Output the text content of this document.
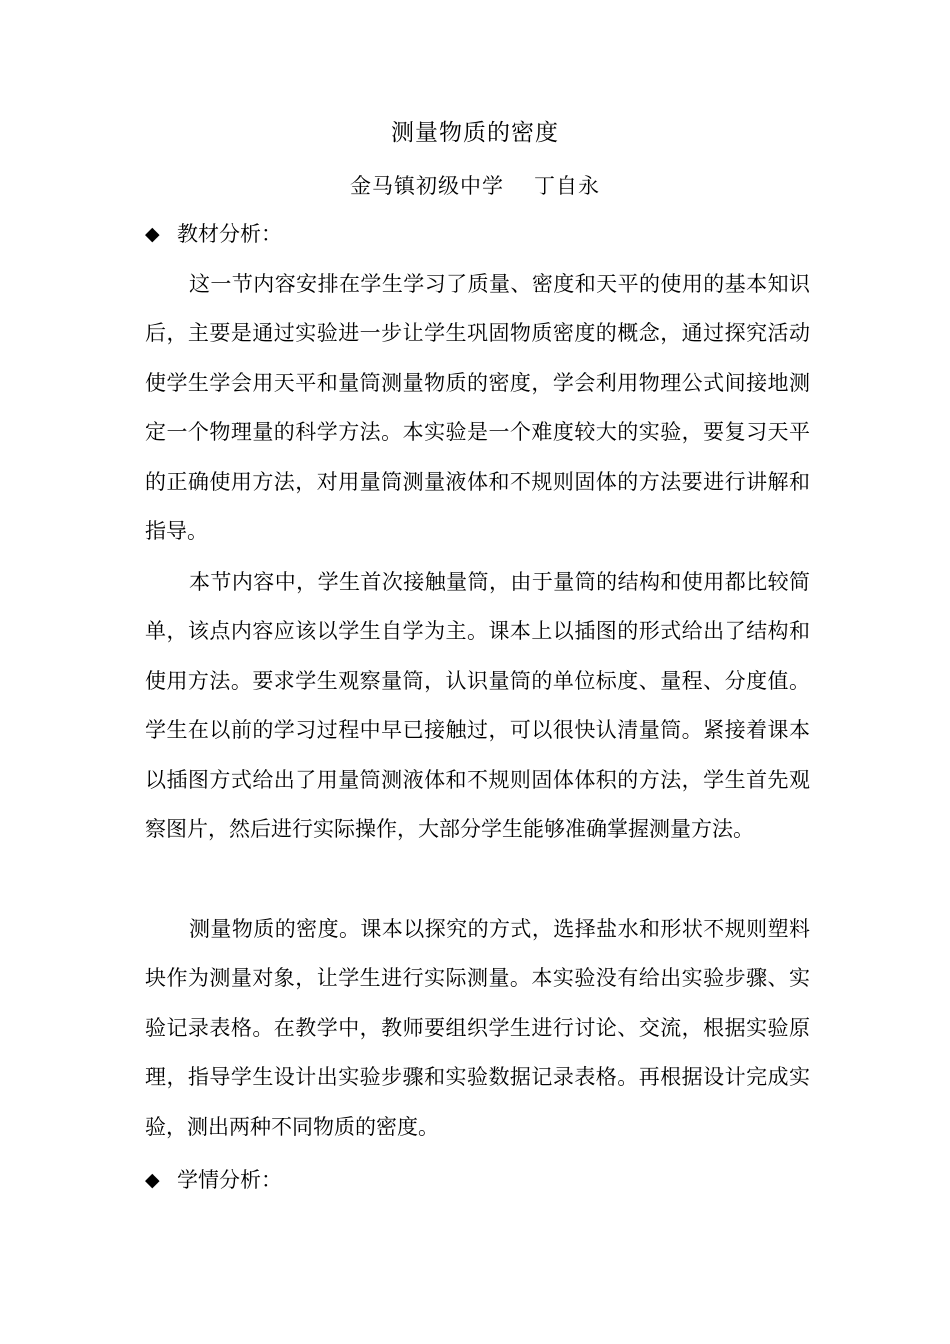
测量物质的密度
金马镇初级中学 丁自永
◆ 教材分析：

这一节内容安排在学生学习了质量、密度和天平的使用的基本知识后，主要是通过实验进一步让学生巩固物质密度的概念，通过探究活动使学生学会用天平和量筒测量物质的密度，学会利用物理公式间接地测定一个物理量的科学方法。本实验是一个难度较大的实验，要复习天平的正确使用方法，对用量筒测量液体和不规则固体的方法要进行讲解和指导。

本节内容中，学生首次接触量筒，由于量筒的结构和使用都比较简单，该点内容应该以学生自学为主。课本上以插图的形式给出了结构和使用方法。要求学生观察量筒，认识量筒的单位标度、量程、分度值。学生在以前的学习过程中早已接触过，可以很快认清量筒。紧接着课本以插图方式给出了用量筒测液体和不规则固体体积的方法，学生首先观察图片，然后进行实际操作，大部分学生能够准确掌握测量方法。

测量物质的密度。课本以探究的方式，选择盐水和形状不规则塑料块作为测量对象，让学生进行实际测量。本实验没有给出实验步骤、实验记录表格。在教学中，教师要组织学生进行讨论、交流，根据实验原理，指导学生设计出实验步骤和实验数据记录表格。再根据设计完成实验，测出两种不同物质的密度。

◆ 学情分析：
